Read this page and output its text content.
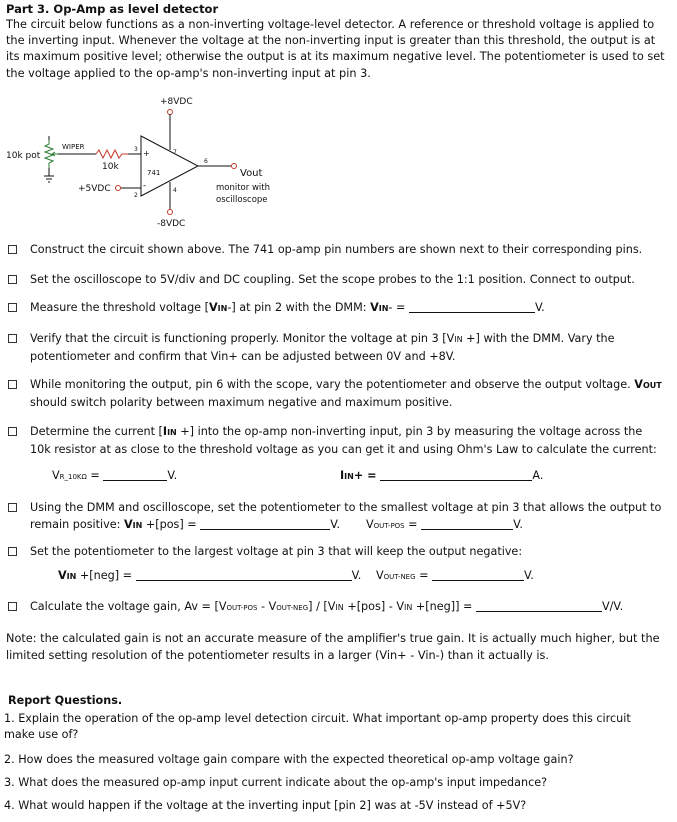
Part 3. Op-Amp as level detector
The circuit below functions as a non-inverting voltage-level detector. A reference or threshold voltage is applied to the inverting input. Whenever the voltage at the non-inverting input is greater than this threshold, the output is at its maximum positive level; otherwise the output is at its maximum negative level. The potentiometer is used to set the voltage applied to the op-amp's non-inverting input at pin 3.
+8VDC
7
741
+
-	4
-8VDC
6
Vout
monitor with
oscilloscope
3
10k
WIPER
+5VDC
2
10k pot
Construct the circuit shown above. The 741 op-amp pin numbers are shown next to their corresponding pins.
Set the oscilloscope to 5V/div and DC coupling. Set the scope probes to the 1:1 position. Connect to output.
Measure the threshold voltage [VIN-] at pin 2 with the DMM: VIN- =	V.
Verify that the circuit is functioning properly. Monitor the voltage at pin 3 [VIN +] with the DMM. Vary the potentiometer and confirm that Vin+ can be adjusted between 0V and +8V.
While monitoring the output, pin 6 with the scope, vary the potentiometer and observe the output voltage. VOUT should switch polarity between maximum negative and maximum positive.
Determine the current [IIN +] into the op-amp non-inverting input, pin 3 by measuring the voltage across the 10k resistor at as close to the threshold voltage as you can get it and using Ohm's Law to calculate the current:
VR_10KΩ =	V.	IIN+ =	A.
Using the DMM and oscilloscope, set the potentiometer to the smallest voltage at pin 3 that allows the output to remain positive: VIN +[pos] =	V. VOUT-POS =	V.
Set the potentiometer to the largest voltage at pin 3 that will keep the output negative:
VIN +[neg] =	V. VOUT-NEG =	V.
Calculate the voltage gain, Av = [VOUT-POS - VOUT-NEG] / [VIN +[pos] - VIN +[neg]] =	V/V.
Note: the calculated gain is not an accurate measure of the amplifier's true gain. It is actually much higher, but the limited setting resolution of the potentiometer results in a larger (Vin+ - Vin-) than it actually is.
Report Questions.
1. Explain the operation of the op-amp level detection circuit. What important op-amp property does this circuit make use of?
2. How does the measured voltage gain compare with the expected theoretical op-amp voltage gain?
3. What does the measured op-amp input current indicate about the op-amp's input impedance?
4. What would happen if the voltage at the inverting input [pin 2] was at -5V instead of +5V?
